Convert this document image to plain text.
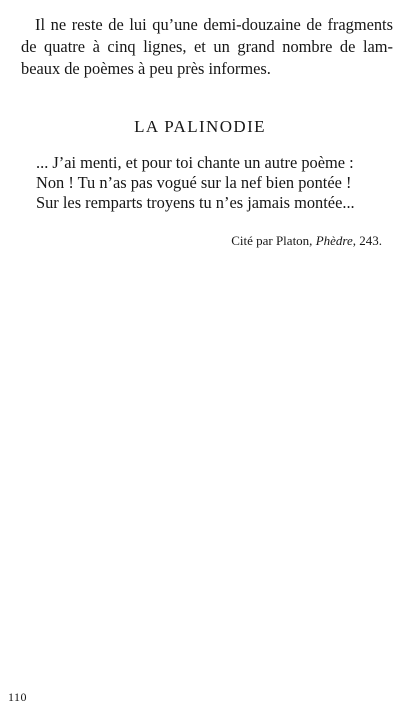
Il ne reste de lui qu’une demi-douzaine de fragments de quatre à cinq lignes, et un grand nombre de lam-beaux de poèmes à peu près informes.

LA PALINODIE
... J’ai menti, et pour toi chante un autre poème :
Non ! Tu n’as pas vogué sur la nef bien pontée !
Sur les remparts troyens tu n’es jamais montée...

Cité par Platon, Phèdre, 243.

110
